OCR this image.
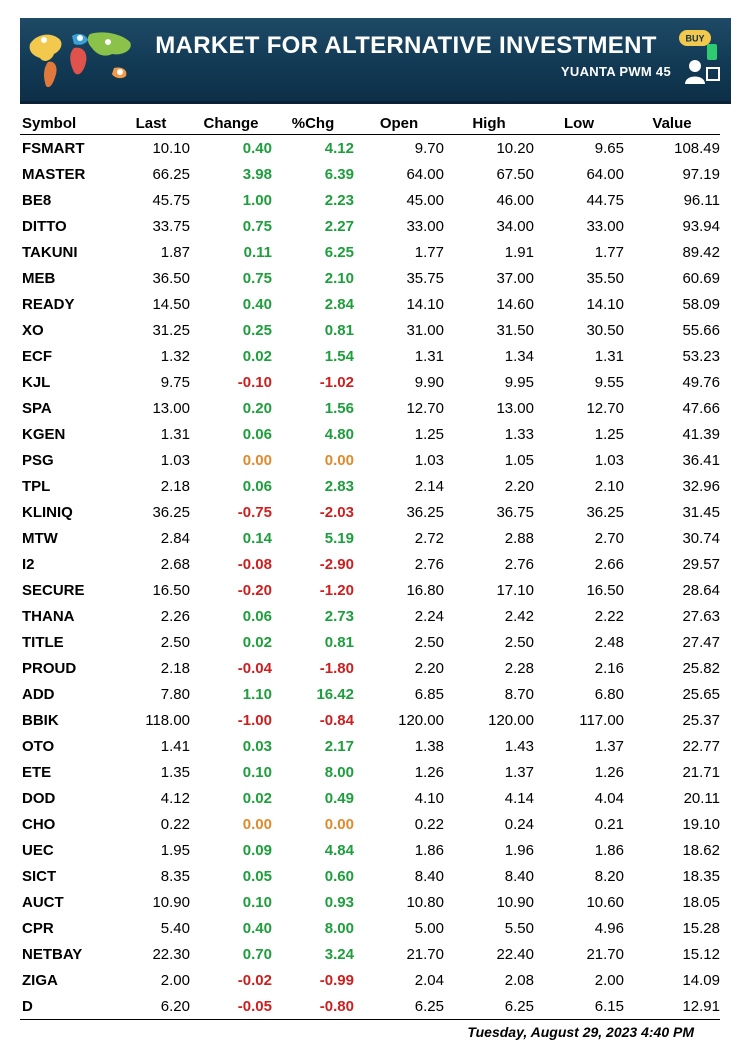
MARKET FOR ALTERNATIVE INVESTMENT
YUANTA PWM 45
BUY
Symbol	Last	Change	%Chg	Open	High	Low	Value
FSMART	10.10	0.40	4.12	9.70	10.20	9.65	108.49
MASTER	66.25	3.98	6.39	64.00	67.50	64.00	97.19
BE8	45.75	1.00	2.23	45.00	46.00	44.75	96.11
DITTO	33.75	0.75	2.27	33.00	34.00	33.00	93.94
TAKUNI	1.87	0.11	6.25	1.77	1.91	1.77	89.42
MEB	36.50	0.75	2.10	35.75	37.00	35.50	60.69
READY	14.50	0.40	2.84	14.10	14.60	14.10	58.09
XO	31.25	0.25	0.81	31.00	31.50	30.50	55.66
ECF	1.32	0.02	1.54	1.31	1.34	1.31	53.23
KJL	9.75	-0.10	-1.02	9.90	9.95	9.55	49.76
SPA	13.00	0.20	1.56	12.70	13.00	12.70	47.66
KGEN	1.31	0.06	4.80	1.25	1.33	1.25	41.39
PSG	1.03	0.00	0.00	1.03	1.05	1.03	36.41
TPL	2.18	0.06	2.83	2.14	2.20	2.10	32.96
KLINIQ	36.25	-0.75	-2.03	36.25	36.75	36.25	31.45
MTW	2.84	0.14	5.19	2.72	2.88	2.70	30.74
I2	2.68	-0.08	-2.90	2.76	2.76	2.66	29.57
SECURE	16.50	-0.20	-1.20	16.80	17.10	16.50	28.64
THANA	2.26	0.06	2.73	2.24	2.42	2.22	27.63
TITLE	2.50	0.02	0.81	2.50	2.50	2.48	27.47
PROUD	2.18	-0.04	-1.80	2.20	2.28	2.16	25.82
ADD	7.80	1.10	16.42	6.85	8.70	6.80	25.65
BBIK	118.00	-1.00	-0.84	120.00	120.00	117.00	25.37
OTO	1.41	0.03	2.17	1.38	1.43	1.37	22.77
ETE	1.35	0.10	8.00	1.26	1.37	1.26	21.71
DOD	4.12	0.02	0.49	4.10	4.14	4.04	20.11
CHO	0.22	0.00	0.00	0.22	0.24	0.21	19.10
UEC	1.95	0.09	4.84	1.86	1.96	1.86	18.62
SICT	8.35	0.05	0.60	8.40	8.40	8.20	18.35
AUCT	10.90	0.10	0.93	10.80	10.90	10.60	18.05
CPR	5.40	0.40	8.00	5.00	5.50	4.96	15.28
NETBAY	22.30	0.70	3.24	21.70	22.40	21.70	15.12
ZIGA	2.00	-0.02	-0.99	2.04	2.08	2.00	14.09
D	6.20	-0.05	-0.80	6.25	6.25	6.15	12.91
Tuesday, August 29, 2023 4:40 PM
